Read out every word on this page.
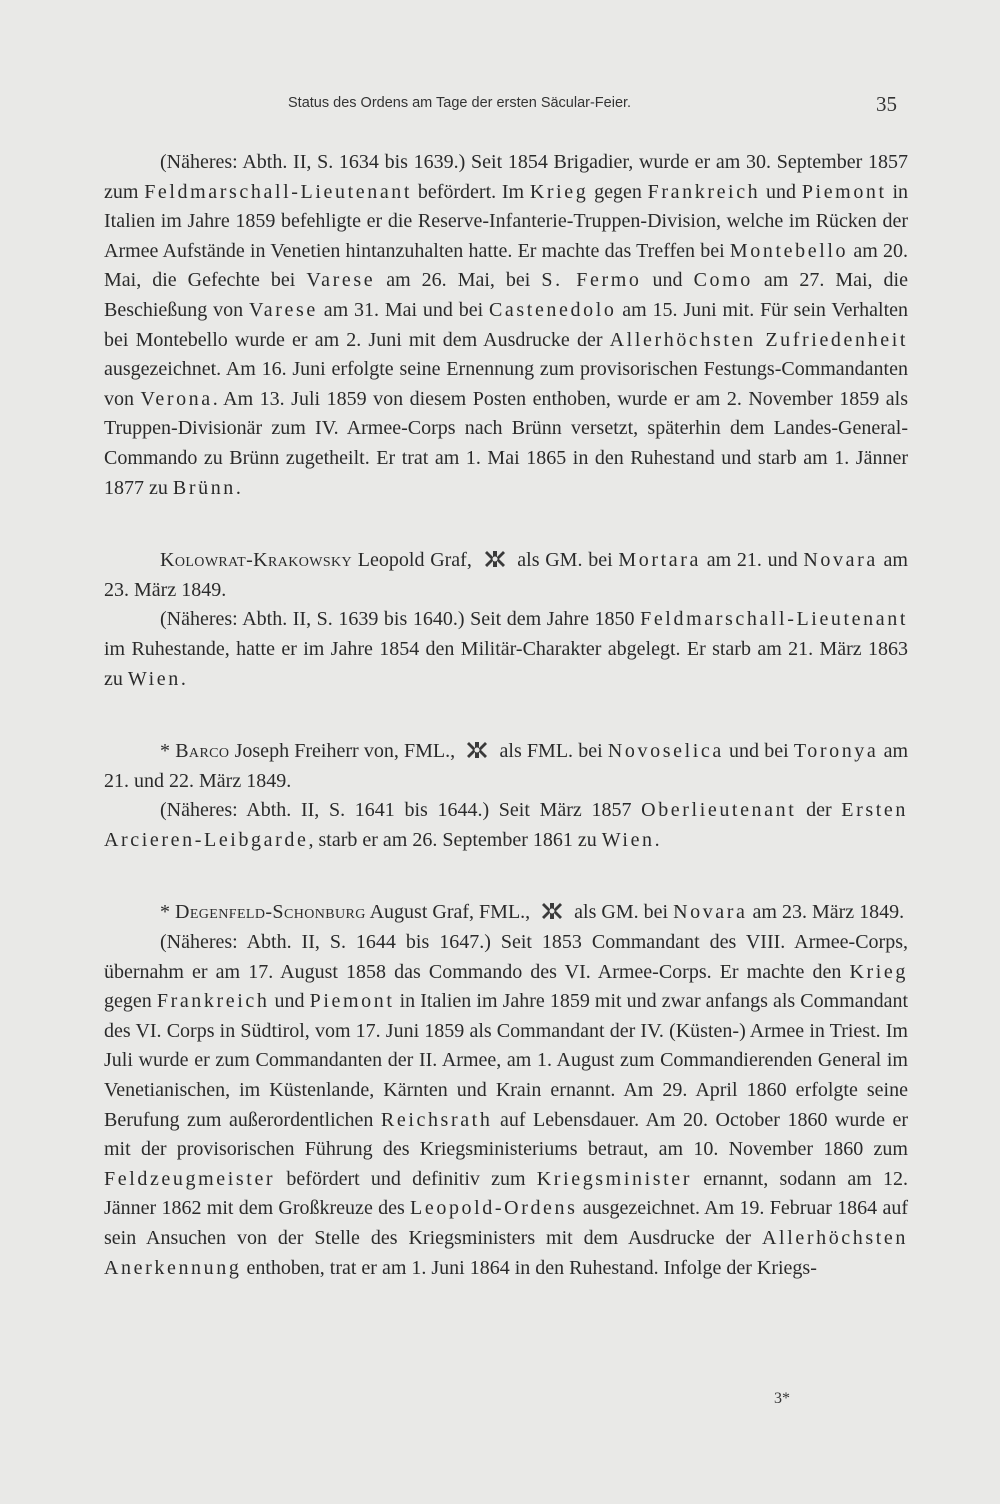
Status des Ordens am Tage der ersten Säcular-Feier.	35

(Näheres: Abth. II, S. 1634 bis 1639.) Seit 1854 Brigadier, wurde er am 30. September 1857 zum Feldmarschall-Lieutenant befördert. Im Krieg gegen Frankreich und Piemont in Italien im Jahre 1859 befehligte er die Reserve-Infanterie-Truppen-Division, welche im Rücken der Armee Aufstände in Venetien hintanzuhalten hatte. Er machte das Treffen bei Montebello am 20. Mai, die Gefechte bei Varese am 26. Mai, bei S. Fermo und Como am 27. Mai, die Beschießung von Varese am 31. Mai und bei Castenedolo am 15. Juni mit. Für sein Verhalten bei Montebello wurde er am 2. Juni mit dem Ausdrucke der Allerhöchsten Zufriedenheit ausgezeichnet. Am 16. Juni erfolgte seine Ernennung zum provisorischen Festungs-Commandanten von Verona. Am 13. Juli 1859 von diesem Posten enthoben, wurde er am 2. November 1859 als Truppen-Divisionär zum IV. Armee-Corps nach Brünn versetzt, späterhin dem Landes-General-Commando zu Brünn zugetheilt. Er trat am 1. Mai 1865 in den Ruhestand und starb am 1. Jänner 1877 zu Brünn.

Kolowrat-Krakowsky Leopold Graf,
als GM. bei Mortara am 21. und Novara am 23. März 1849.

(Näheres: Abth. II, S. 1639 bis 1640.) Seit dem Jahre 1850 Feldmarschall-Lieutenant im Ruhestande, hatte er im Jahre 1854 den Militär-Charakter abgelegt. Er starb am 21. März 1863 zu Wien.

* Barco Joseph Freiherr von, FML.,
als FML. bei Novoselica und bei Toronya am 21. und 22. März 1849.

(Näheres: Abth. II, S. 1641 bis 1644.) Seit März 1857 Oberlieutenant der Ersten Arcieren-Leibgarde, starb er am 26. September 1861 zu Wien.

* Degenfeld-Schonburg August Graf, FML.,
als GM. bei Novara am 23. März 1849.

(Näheres: Abth. II, S. 1644 bis 1647.) Seit 1853 Commandant des VIII. Armee-Corps, übernahm er am 17. August 1858 das Commando des VI. Armee-Corps. Er machte den Krieg gegen Frankreich und Piemont in Italien im Jahre 1859 mit und zwar anfangs als Commandant des VI. Corps in Südtirol, vom 17. Juni 1859 als Commandant der IV. (Küsten-) Armee in Triest. Im Juli wurde er zum Commandanten der II. Armee, am 1. August zum Commandierenden General im Venetianischen, im Küstenlande, Kärnten und Krain ernannt. Am 29. April 1860 erfolgte seine Berufung zum außerordentlichen Reichsrath auf Lebensdauer. Am 20. October 1860 wurde er mit der provisorischen Führung des Kriegsministeriums betraut, am 10. November 1860 zum Feldzeugmeister befördert und definitiv zum Kriegsminister ernannt, sodann am 12. Jänner 1862 mit dem Großkreuze des Leopold-Ordens ausgezeichnet. Am 19. Februar 1864 auf sein Ansuchen von der Stelle des Kriegsministers mit dem Ausdrucke der Allerhöchsten Anerkennung enthoben, trat er am 1. Juni 1864 in den Ruhestand. Infolge der Kriegs-

3*
